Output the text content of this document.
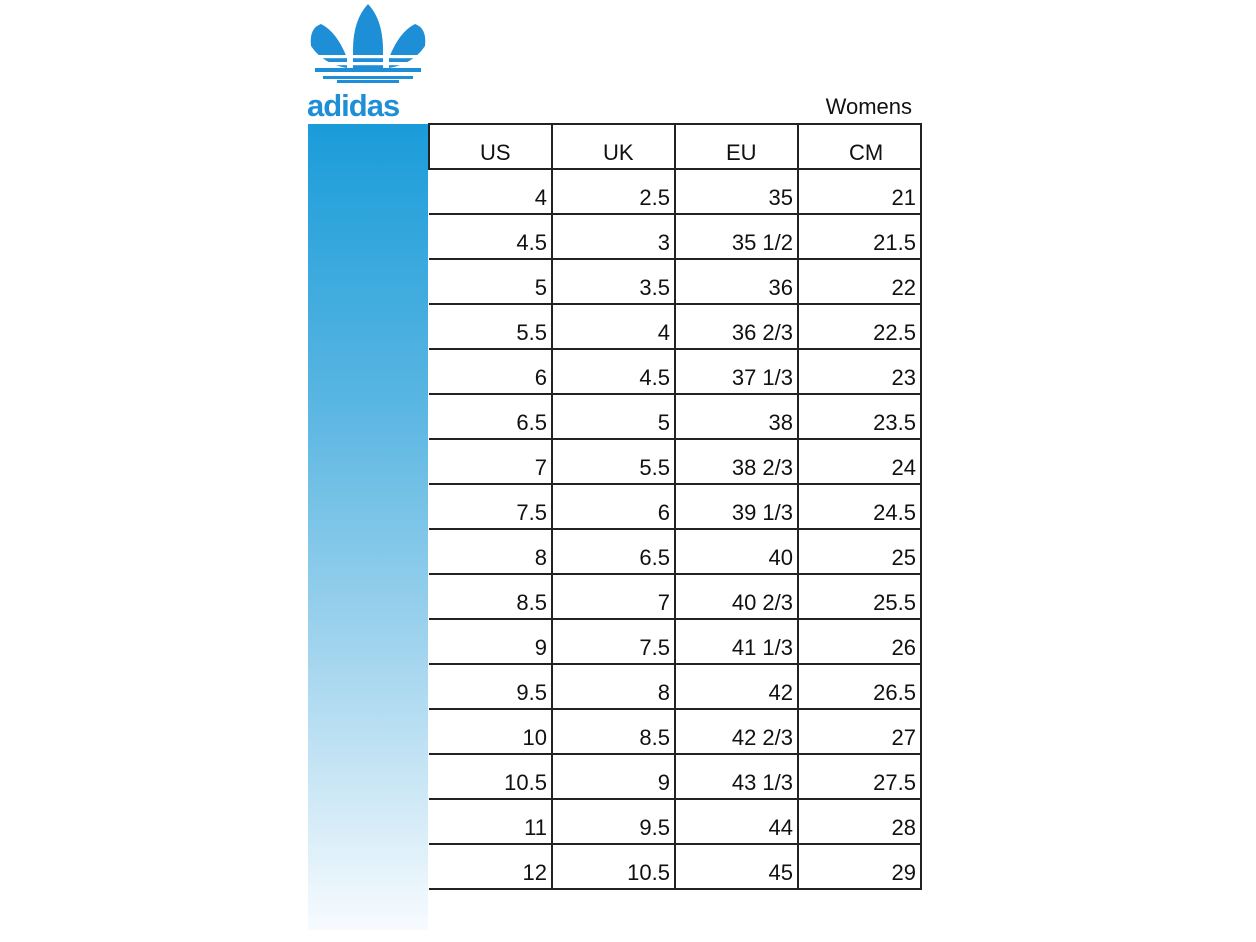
adidas	Womens
US	UK	EU	CM
4	2.5	35	21
4.5	3	35 1/2	21.5
5	3.5	36	22
5.5	4	36 2/3	22.5
6	4.5	37 1/3	23
6.5	5	38	23.5
7	5.5	38 2/3	24
7.5	6	39 1/3	24.5
8	6.5	40	25
8.5	7	40 2/3	25.5
9	7.5	41 1/3	26
9.5	8	42	26.5
10	8.5	42 2/3	27
10.5	9	43 1/3	27.5
11	9.5	44	28
12	10.5	45	29
